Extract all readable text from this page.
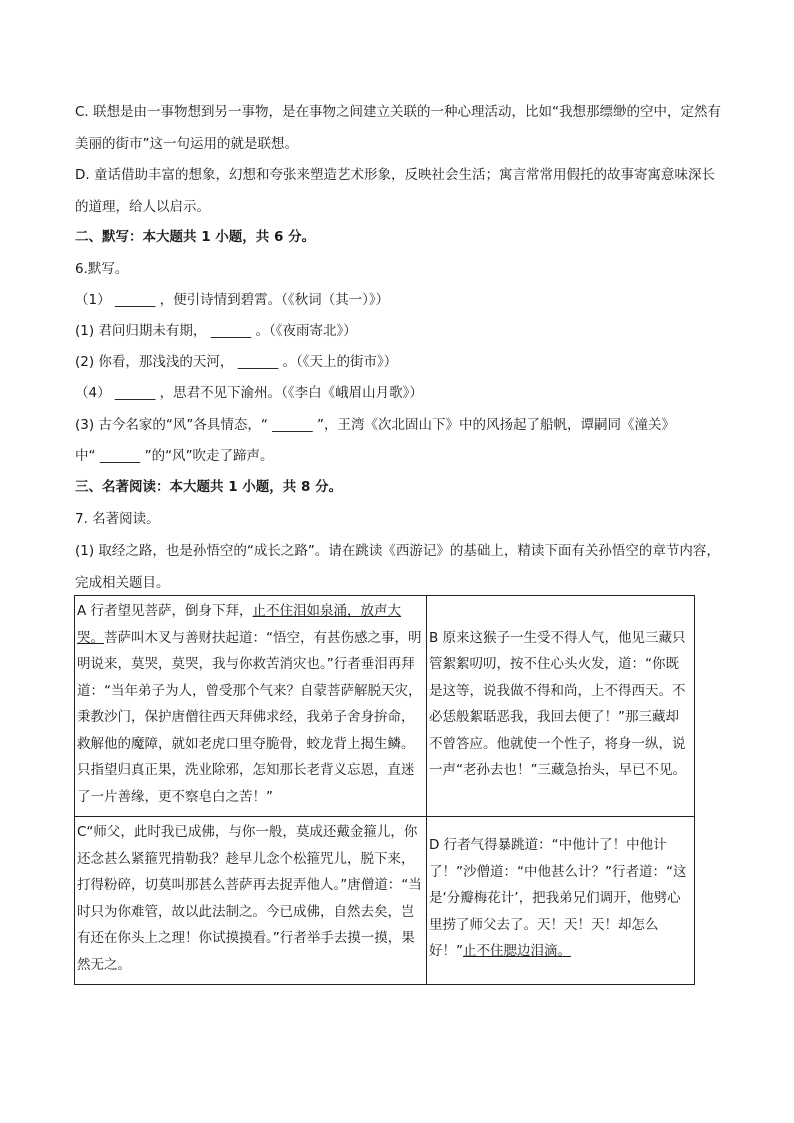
C. 联想是由一事物想到另一事物，是在事物之间建立关联的一种心理活动，比如“我想那缥缈的空中，定然有美丽的街市”这一句运用的就是联想。
D. 童话借助丰富的想象，幻想和夸张来塑造艺术形象，反映社会生活；寓言常常用假托的故事寄寓意味深长的道理，给人以启示。
二、默写：本大题共 1 小题，共 6 分。
6.默写。
（1） ______ ，便引诗情到碧霄。（《秋词（其一）》）
(1) 君问归期未有期， ______ 。（《夜雨寄北》）
(2) 你看，那浅浅的天河， ______ 。（《天上的街市》）
（4） ______ ，思君不见下渝州。（《李白《峨眉山月歌》）
(3) 古今名家的“风”各具情态，“ ______ ”，王湾《次北固山下》中的风扬起了船帆，谭嗣同《潼关》
中“ ______ ”的“风”吹走了蹄声。
三、名著阅读：本大题共 1 小题，共 8 分。
7. 名著阅读。
(1) 取经之路，也是孙悟空的“成长之路”。请在跳读《西游记》的基础上，精读下面有关孙悟空的章节内容，完成相关题目。
A 行者望见菩萨，倒身下拜，止不住泪如泉涌，放声大哭。菩萨叫木叉与善财扶起道：“悟空，有甚伤感之事，明明说来，莫哭，莫哭，我与你救苦消灾也。”行者垂泪再拜道：“当年弟子为人，曾受那个气来？自蒙菩萨解脱天灾，秉教沙门，保护唐僧往西天拜佛求经，我弟子舍身拚命，救解他的魔障，就如老虎口里夺脆骨，蛟龙背上揭生鳞。只指望归真正果，洗业除邪，怎知那长老背义忘恩，直迷了一片善缘，更不察皂白之苦！”	B 原来这猴子一生受不得人气，他见三藏只管絮絮叨叨，按不住心头火发，道：“你既是这等，说我做不得和尚，上不得西天。不必恁般絮聒恶我，我回去便了！”那三藏却不曾答应。他就使一个性子，将身一纵，说一声“老孙去也！”三藏急抬头，早已不见。
C“师父，此时我已成佛，与你一般，莫成还戴金箍儿，你还念甚么紧箍咒掯勒我？趁早儿念个松箍咒儿，脱下来，打得粉碎，切莫叫那甚么菩萨再去捉弄他人。”唐僧道：“当时只为你难管，故以此法制之。今已成佛，自然去矣，岂有还在你头上之理！你试摸摸看。”行者举手去摸一摸，果然无之。	D 行者气得暴跳道：“中他计了！中他计了！”沙僧道：“中他甚么计？”行者道：“这是‘分瓣梅花计’，把我弟兄们调开，他劈心里捞了师父去了。天！天！天！却怎么好！”止不住腮边泪滴。
